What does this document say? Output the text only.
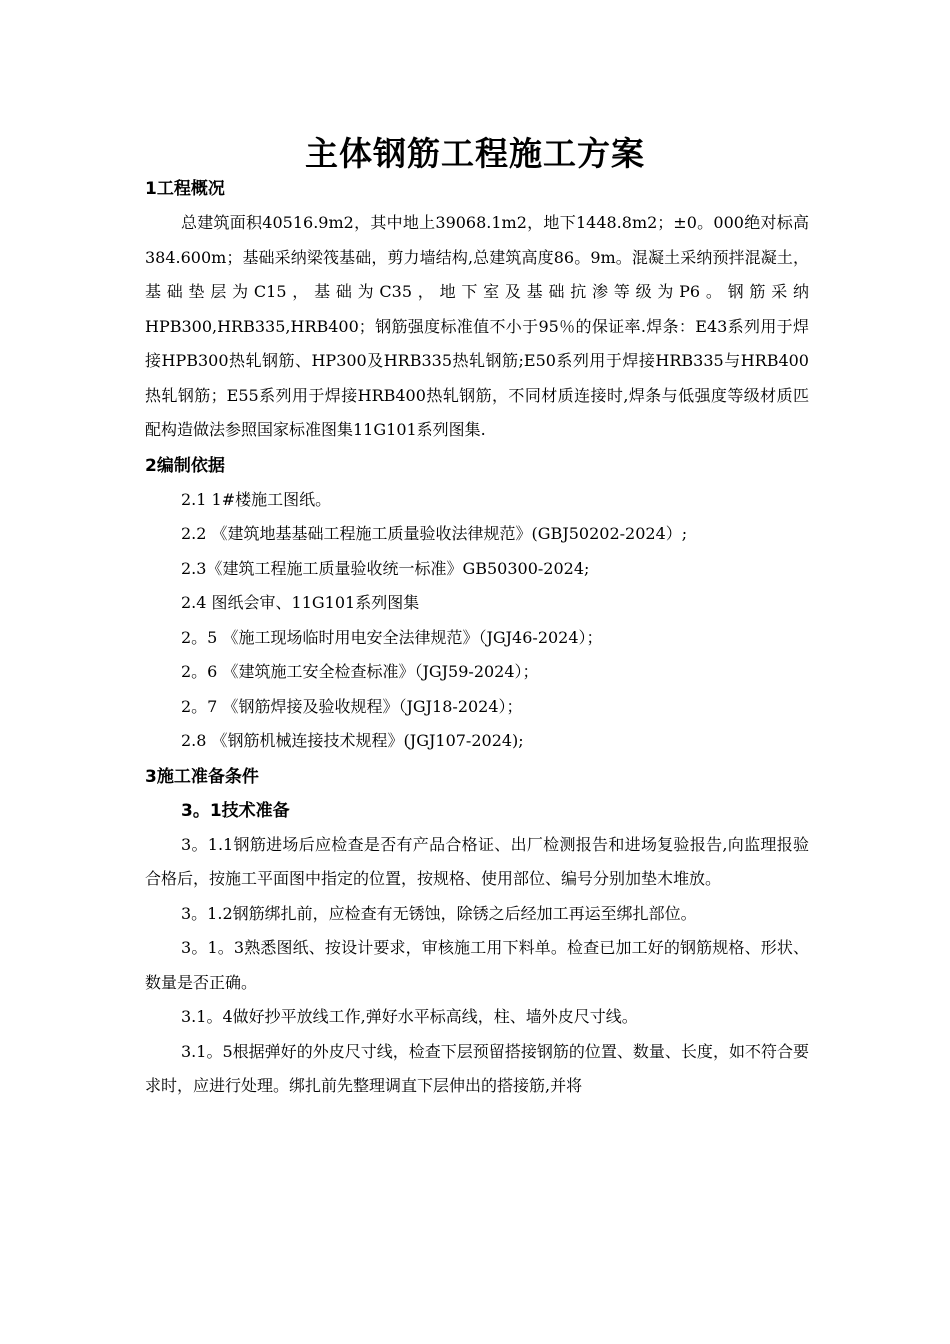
主体钢筋工程施工方案
1工程概况

总建筑面积40516.9m2，其中地上39068.1m2，地下1448.8m2；±0。000绝对标高384.600m；基础采纳梁筏基础，剪力墙结构,总建筑高度86。9m。混凝土采纳预拌混凝土，基础垫层为C15，基础为C35，地下室及基础抗渗等级为P6。钢筋采纳HPB300,HRB335,HRB400；钢筋强度标准值不小于95％的保证率.焊条：E43系列用于焊接HPB300热轧钢筋、HP300及HRB335热轧钢筋;E50系列用于焊接HRB335与HRB400热轧钢筋；E55系列用于焊接HRB400热轧钢筋，不同材质连接时,焊条与低强度等级材质匹配构造做法参照国家标准图集11G101系列图集.

2编制依据
2.1 1#楼施工图纸。
2.2 《建筑地基基础工程施工质量验收法律规范》(GBJ50202-2024）;
2.3《建筑工程施工质量验收统一标准》GB50300-2024;
2.4 图纸会审、11G101系列图集
2。5 《施工现场临时用电安全法律规范》（JGJ46-2024）；
2。6 《建筑施工安全检查标准》（JGJ59-2024）；
2。7 《钢筋焊接及验收规程》（JGJ18-2024）；
2.8 《钢筋机械连接技术规程》(JGJ107-2024);
3施工准备条件
3。1技术准备

3。1.1钢筋进场后应检查是否有产品合格证、出厂检测报告和进场复验报告,向监理报验合格后，按施工平面图中指定的位置，按规格、使用部位、编号分别加垫木堆放。

3。1.2钢筋绑扎前，应检查有无锈蚀，除锈之后经加工再运至绑扎部位。

3。1。3熟悉图纸、按设计要求，审核施工用下料单。检查已加工好的钢筋规格、形状、数量是否正确。

3.1。4做好抄平放线工作,弹好水平标高线，柱、墙外皮尺寸线。

3.1。5根据弹好的外皮尺寸线，检查下层预留搭接钢筋的位置、数量、长度，如不符合要求时，应进行处理。绑扎前先整理调直下层伸出的搭接筋,并将
